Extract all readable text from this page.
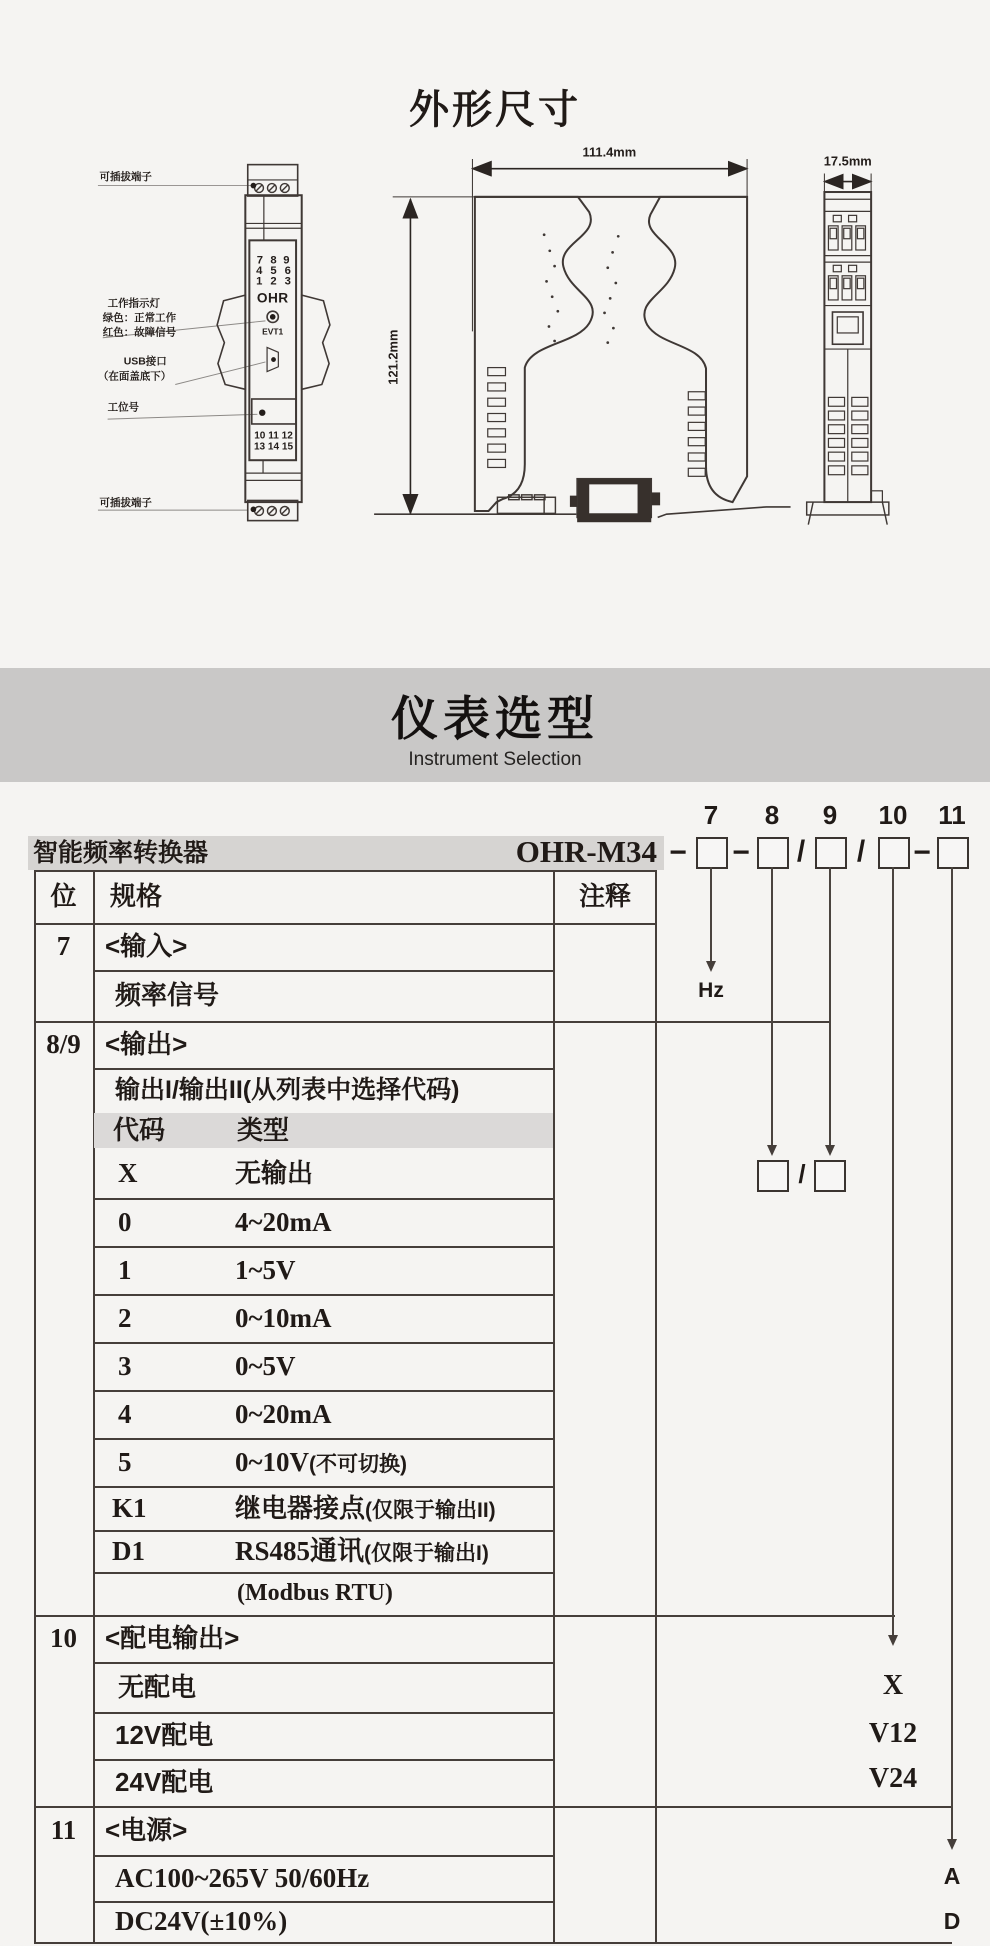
外形尺寸
可插拔端子
工作指示灯
绿色：正常工作
红色：故障信号
USB接口
（在面盖底下）
工位号
可插拔端子
7 8 9
4 5 6
1 2 3
OHR
EVT1
10 11 12
13 14 15
111.4mm
121.2mm
17.5mm
仪表选型

Instrument Selection

智能频率转换器	OHR-M34
7	8	9	10 11
− −	/	/	−
位	规格	注释
7	<输入>
频率信号
8/9 <输出>
输出I/输出II(从列表中选择代码)
代码	类型
X	无输出
0	4~20mA
1	1~5V
2	0~10mA
3	0~5V
4	0~20mA
5	0~10V(不可切换)
K1	继电器接点(仅限于输出II)
D1	RS485通讯(仅限于输出I)
(Modbus RTU)
10	<配电输出>
无配电
12V配电
24V配电
11	<电源>
AC100~265V 50/60Hz
DC24V(±10%)
Hz
/
X
V12
V24
A
D
